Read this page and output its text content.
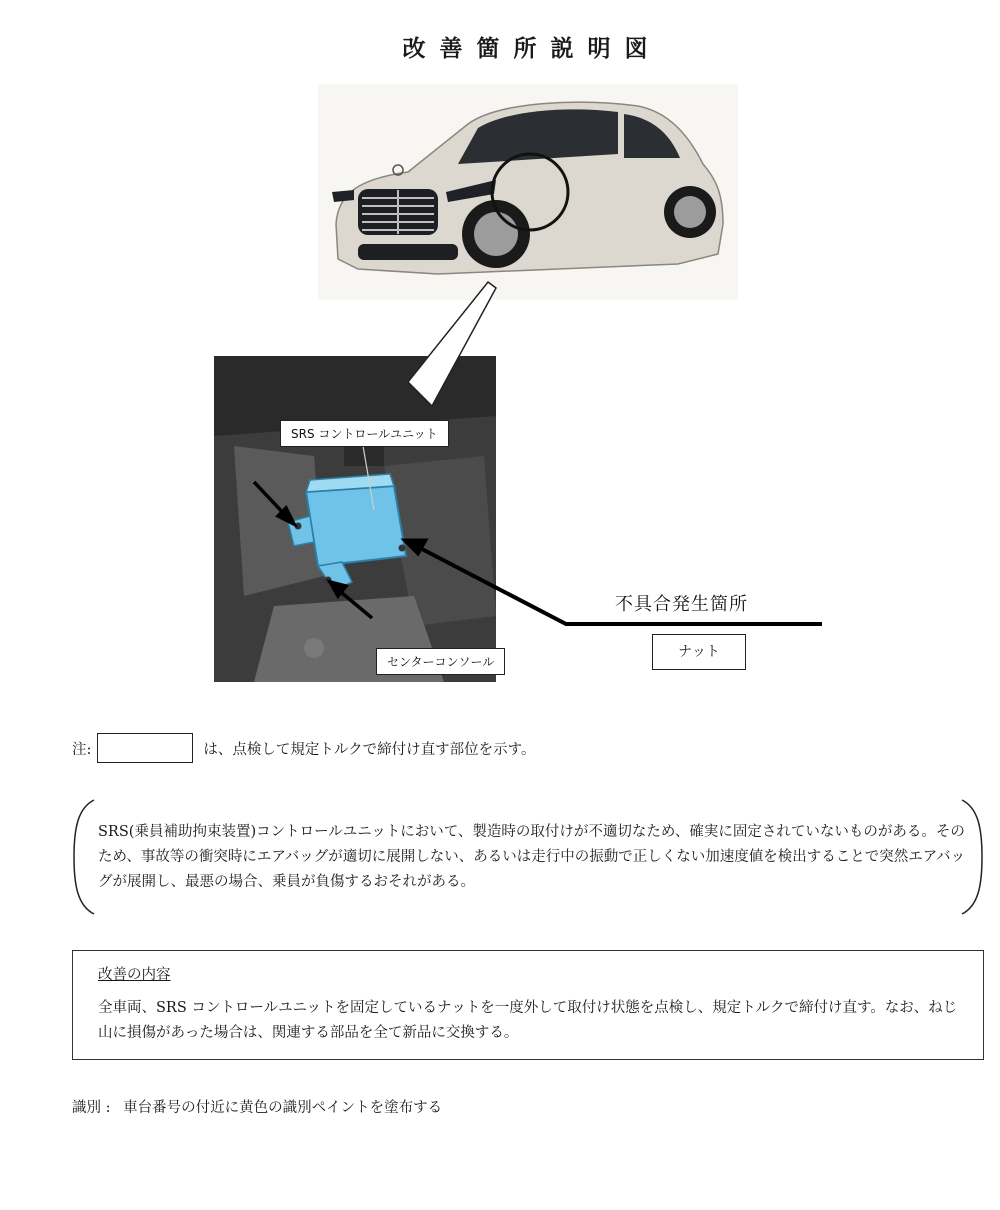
改善箇所説明図
SRS コントロールユニット
センターコンソール
不具合発生箇所
ナット
注:	は、点検して規定トルクで締付け直す部位を示す。
SRS(乗員補助拘束装置)コントロールユニットにおいて、製造時の取付けが不適切なため、確実に固定されていないものがある。そのため、事故等の衝突時にエアバッグが適切に展開しない、あるいは走行中の振動で正しくない加速度値を検出することで突然エアバッグが展開し、最悪の場合、乗員が負傷するおそれがある。
改善の内容
全車両、SRS コントロールユニットを固定しているナットを一度外して取付け状態を点検し、規定トルクで締付け直す。なお、ねじ山に損傷があった場合は、関連する部品を全て新品に交換する。
識別 : 車台番号の付近に黄色の識別ペイントを塗布する
